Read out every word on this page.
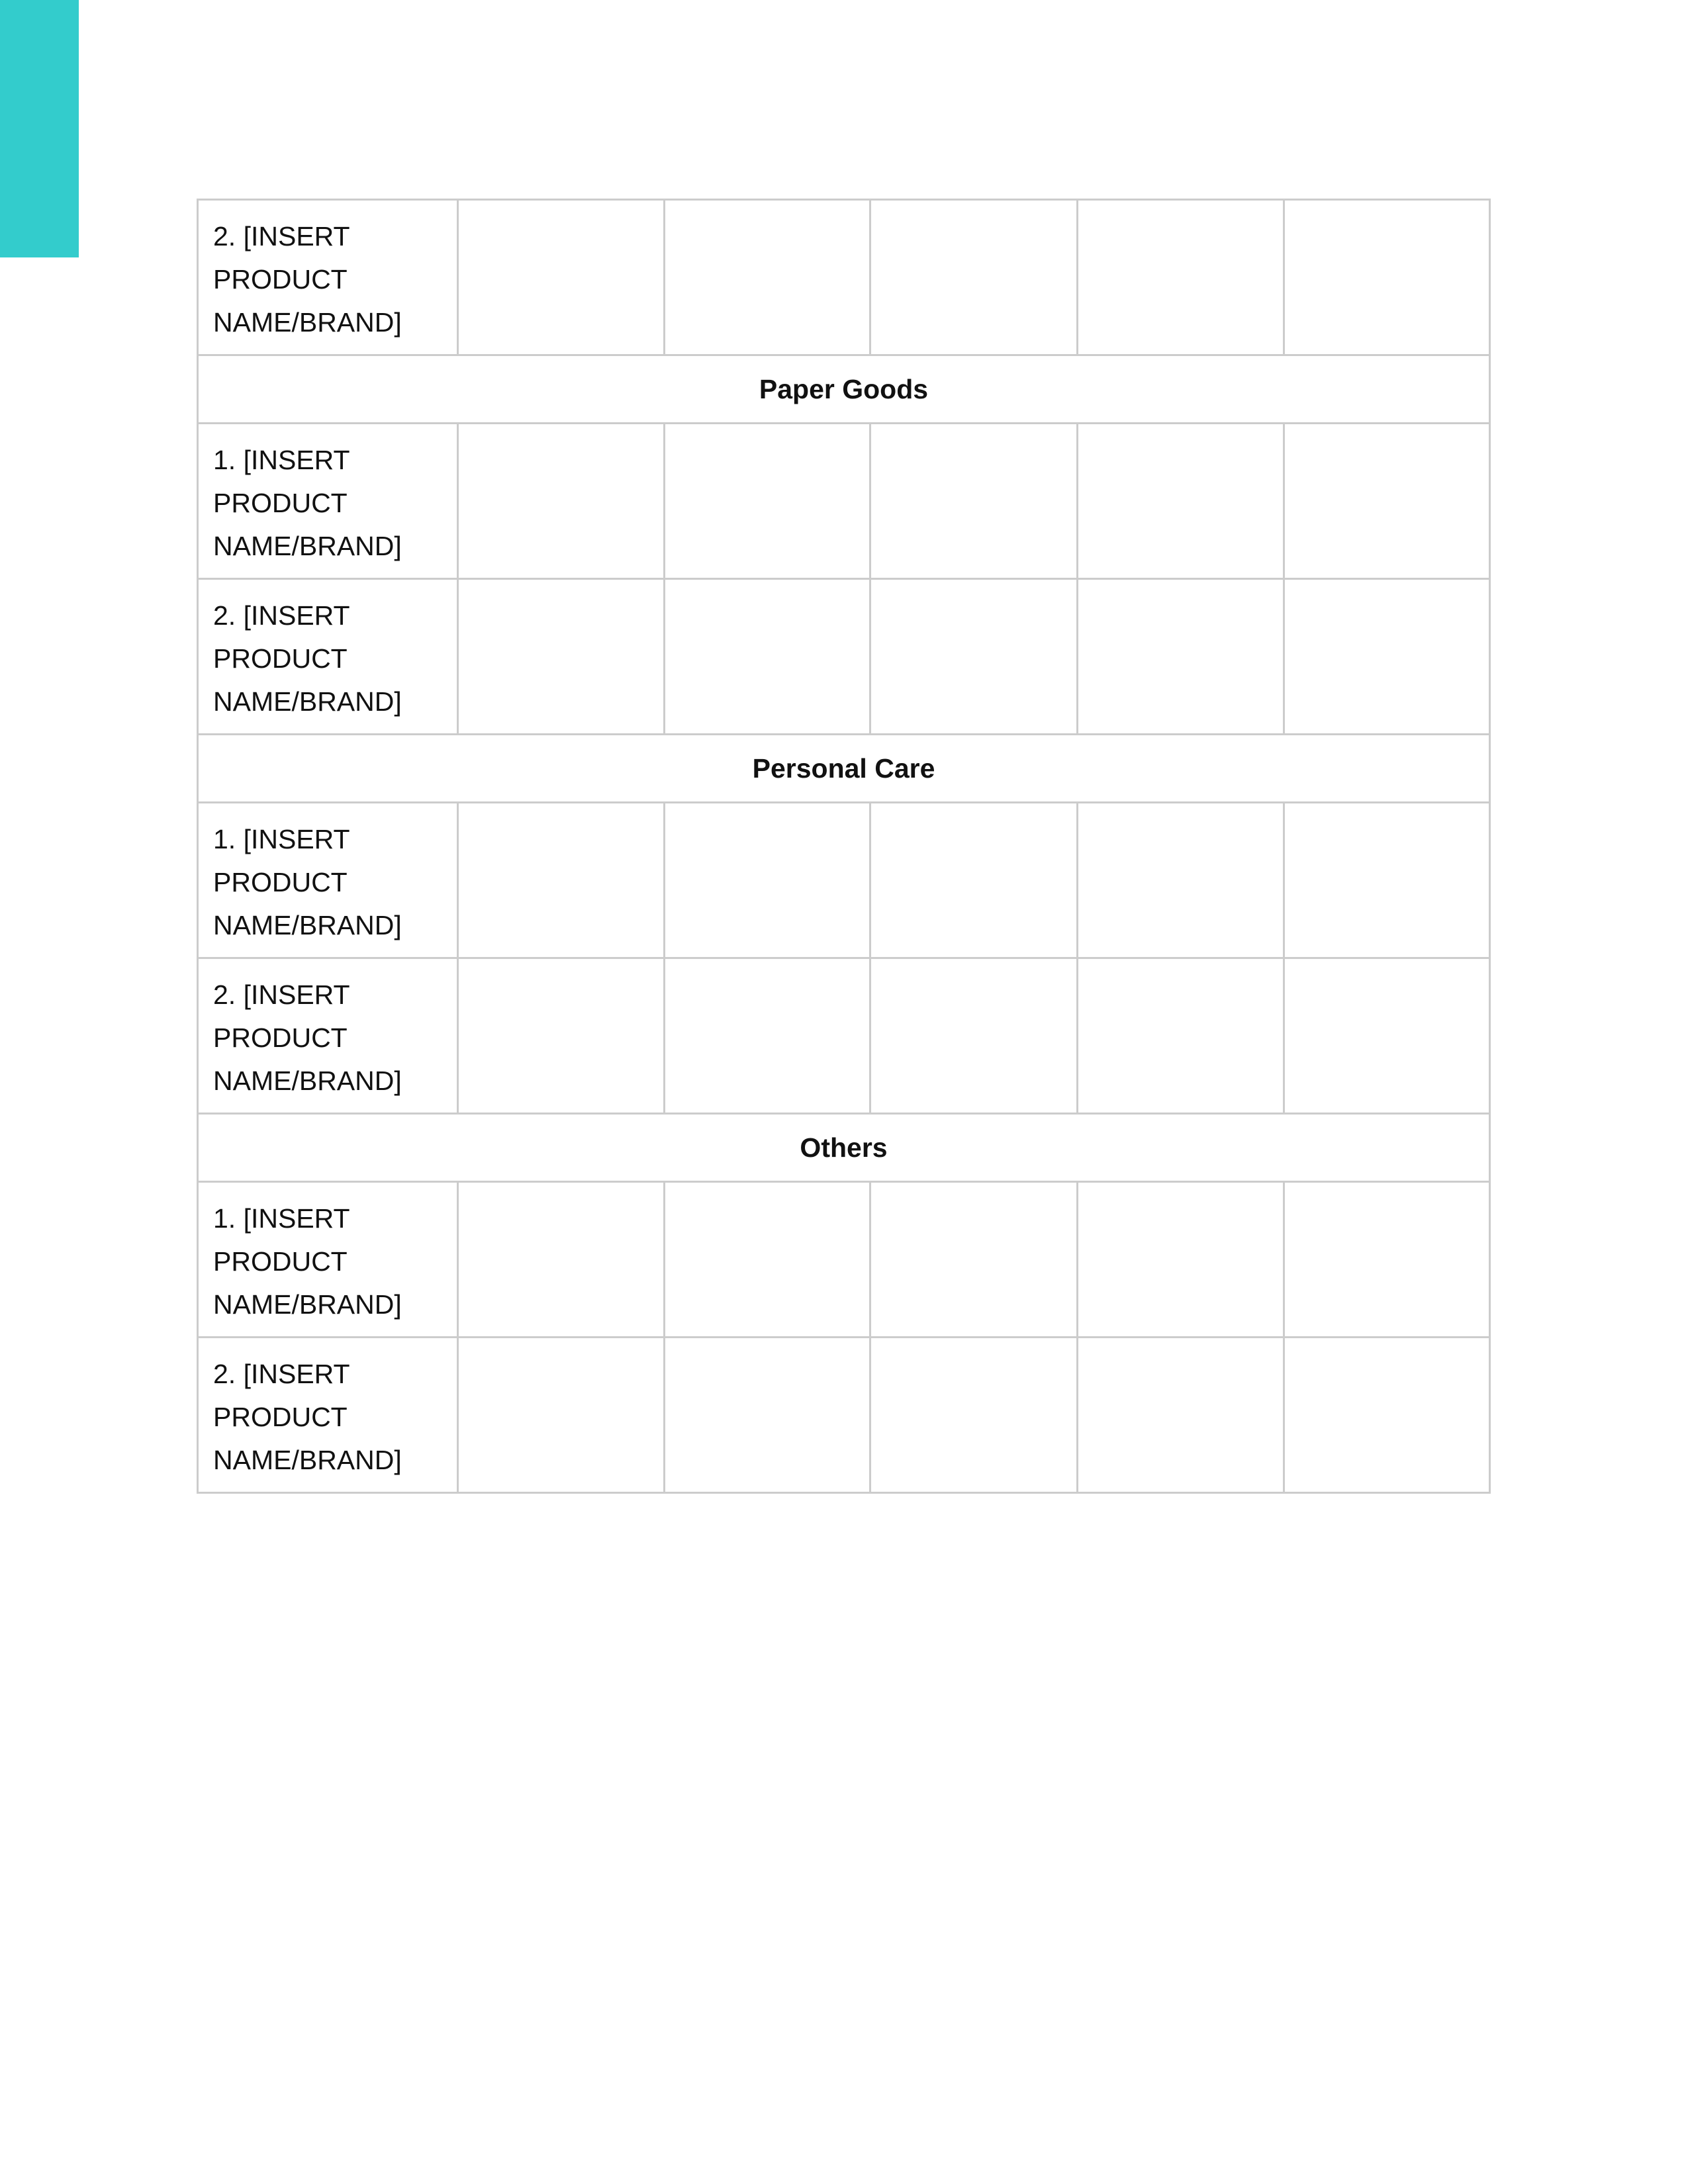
2. [INSERT
PRODUCT
NAME/BRAND]					

Paper Goods					

1. [INSERT
PRODUCT
NAME/BRAND]					

2. [INSERT
PRODUCT
NAME/BRAND]					

Personal Care					

1. [INSERT
PRODUCT
NAME/BRAND]					

2. [INSERT
PRODUCT
NAME/BRAND]					

Others					

1. [INSERT
PRODUCT
NAME/BRAND]					

2. [INSERT
PRODUCT
NAME/BRAND]					
